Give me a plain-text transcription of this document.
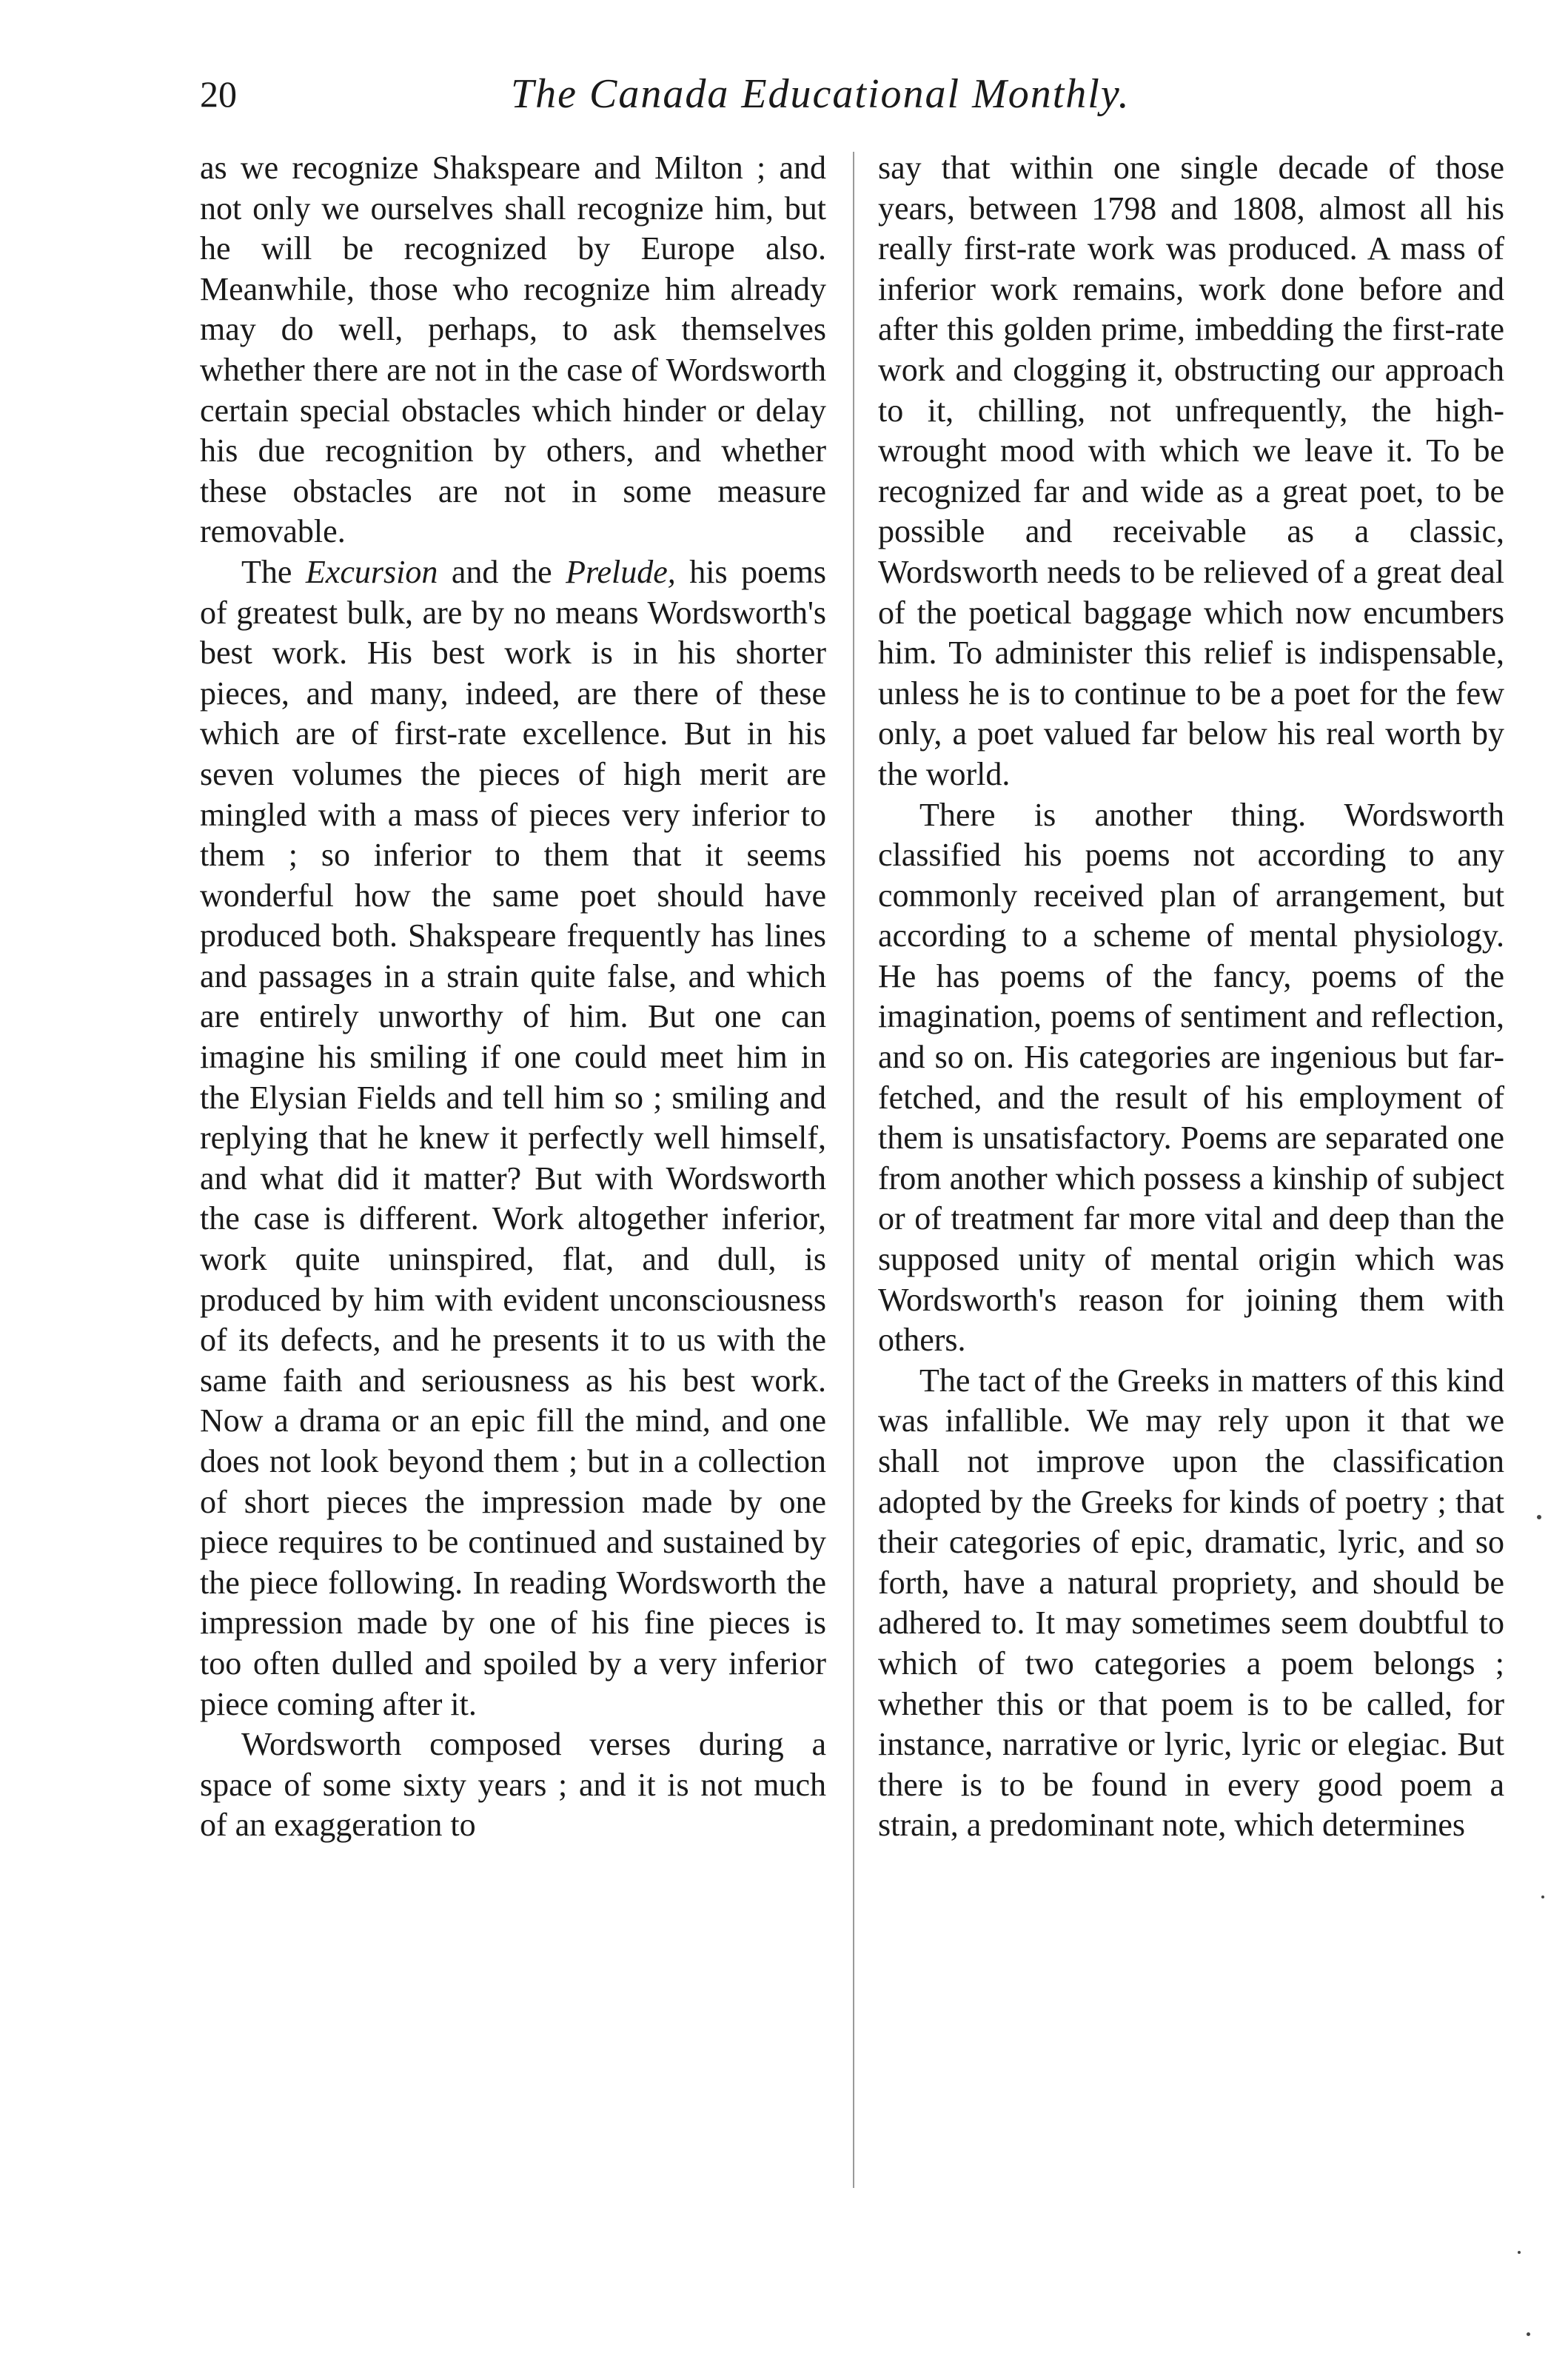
20	The Canada Educational Monthly.

as we recognize Shakspeare and Milton ; and not only we ourselves shall recognize him, but he will be recognized by Europe also. Meanwhile, those who recognize him already may do well, perhaps, to ask themselves whether there are not in the case of Wordsworth certain special obstacles which hinder or delay his due recognition by others, and whether these obstacles are not in some measure removable.

The Excursion and the Prelude, his poems of greatest bulk, are by no means Wordsworth's best work. His best work is in his shorter pieces, and many, indeed, are there of these which are of first-rate excellence. But in his seven volumes the pieces of high merit are mingled with a mass of pieces very inferior to them ; so inferior to them that it seems wonderful how the same poet should have produced both. Shakspeare frequently has lines and passages in a strain quite false, and which are entirely unworthy of him. But one can imagine his smiling if one could meet him in the Elysian Fields and tell him so ; smiling and replying that he knew it perfectly well himself, and what did it matter? But with Wordsworth the case is different. Work altogether inferior, work quite uninspired, flat, and dull, is produced by him with evident unconsciousness of its defects, and he presents it to us with the same faith and seriousness as his best work. Now a drama or an epic fill the mind, and one does not look beyond them ; but in a collection of short pieces the impression made by one piece requires to be continued and sustained by the piece following. In reading Wordsworth the impression made by one of his fine pieces is too often dulled and spoiled by a very inferior piece coming after it.

Wordsworth composed verses during a space of some sixty years ; and it is not much of an exaggeration to

say that within one single decade of those years, between 1798 and 1808, almost all his really first-rate work was produced. A mass of inferior work remains, work done before and after this golden prime, imbedding the first-rate work and clogging it, obstructing our approach to it, chilling, not unfrequently, the high-wrought mood with which we leave it. To be recognized far and wide as a great poet, to be possible and receivable as a classic, Wordsworth needs to be relieved of a great deal of the poetical baggage which now encumbers him. To administer this relief is indispensable, unless he is to continue to be a poet for the few only, a poet valued far below his real worth by the world.

There is another thing. Wordsworth classified his poems not according to any commonly received plan of arrangement, but according to a scheme of mental physiology. He has poems of the fancy, poems of the imagination, poems of sentiment and reflection, and so on. His categories are ingenious but far-fetched, and the result of his employment of them is unsatisfactory. Poems are separated one from another which possess a kinship of subject or of treatment far more vital and deep than the supposed unity of mental origin which was Wordsworth's reason for joining them with others.

The tact of the Greeks in matters of this kind was infallible. We may rely upon it that we shall not improve upon the classification adopted by the Greeks for kinds of poetry ; that their categories of epic, dramatic, lyric, and so forth, have a natural propriety, and should be adhered to. It may sometimes seem doubtful to which of two categories a poem belongs ; whether this or that poem is to be called, for instance, narrative or lyric, lyric or elegiac. But there is to be found in every good poem a strain, a predominant note, which determines
